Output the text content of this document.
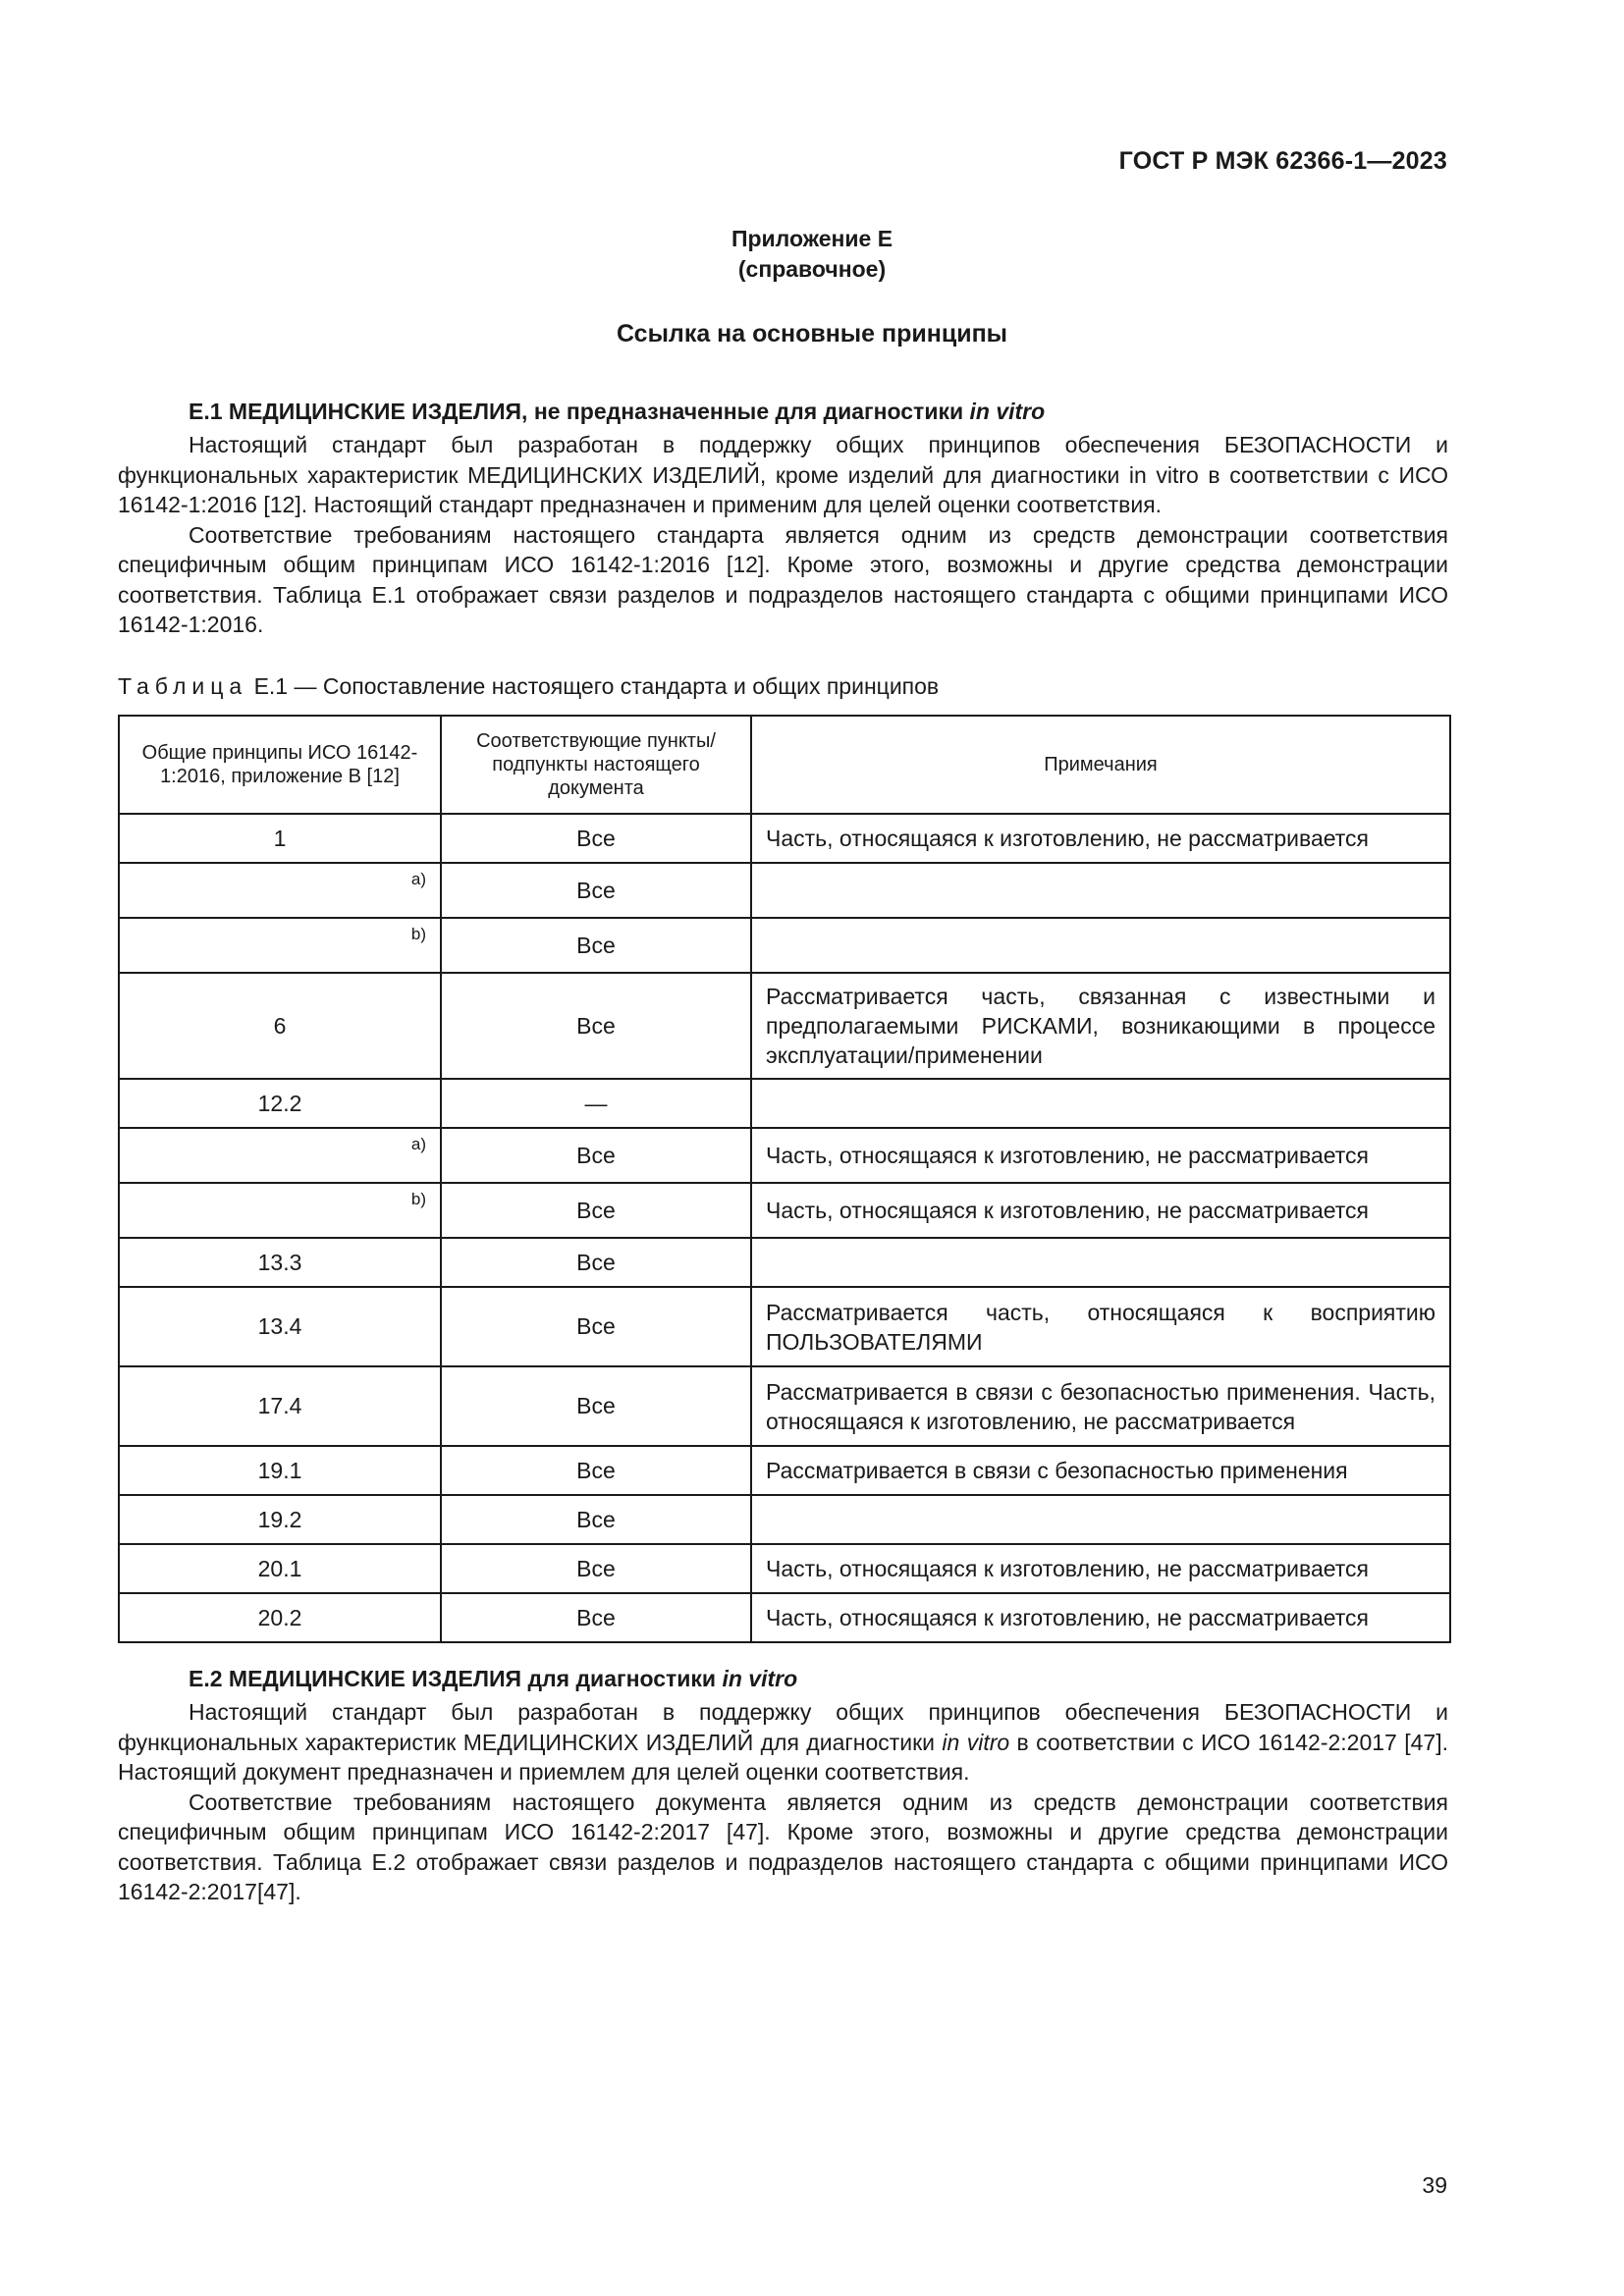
ГОСТ Р МЭК 62366-1—2023
Приложение Е
(справочное)
Ссылка на основные принципы
Е.1 МЕДИЦИНСКИЕ ИЗДЕЛИЯ, не предназначенные для диагностики in vitro

Настоящий стандарт был разработан в поддержку общих принципов обеспечения БЕЗОПАСНОСТИ и функциональных характеристик МЕДИЦИНСКИХ ИЗДЕЛИЙ, кроме изделий для диагностики in vitro в соответствии с ИСО 16142-1:2016 [12]. Настоящий стандарт предназначен и применим для целей оценки соответствия.

Соответствие требованиям настоящего стандарта является одним из средств демонстрации соответствия специфичным общим принципам ИСО 16142-1:2016 [12]. Кроме этого, возможны и другие средства демонстрации соответствия. Таблица Е.1 отображает связи разделов и подразделов настоящего стандарта с общими принципами ИСО 16142-1:2016.

Таблица Е.1 — Сопоставление настоящего стандарта и общих принципов
Общие принципы ИСО 16142-1:2016, приложение В [12]	Соответствующие пункты/ подпункты настоящего документа	Примечания
1	Все	Часть, относящаяся к изготовлению, не рассматривается
a)	Все	
b)	Все	
6	Все	Рассматривается часть, связанная с известными и предполагаемыми РИСКАМИ, возникающими в процессе эксплуатации/применении
12.2	—	
a)	Все	Часть, относящаяся к изготовлению, не рассматривается
b)	Все	Часть, относящаяся к изготовлению, не рассматривается
13.3	Все	
13.4	Все	Рассматривается часть, относящаяся к восприятию ПОЛЬЗОВАТЕЛЯМИ
17.4	Все	Рассматривается в связи с безопасностью применения. Часть, относящаяся к изготовлению, не рассматривается
19.1	Все	Рассматривается в связи с безопасностью применения
19.2	Все	
20.1	Все	Часть, относящаяся к изготовлению, не рассматривается
20.2	Все	Часть, относящаяся к изготовлению, не рассматривается
Е.2 МЕДИЦИНСКИЕ ИЗДЕЛИЯ для диагностики in vitro

Настоящий стандарт был разработан в поддержку общих принципов обеспечения БЕЗОПАСНОСТИ и функциональных характеристик МЕДИЦИНСКИХ ИЗДЕЛИЙ для диагностики in vitro в соответствии с ИСО 16142-2:2017 [47]. Настоящий документ предназначен и приемлем для целей оценки соответствия.

Соответствие требованиям настоящего документа является одним из средств демонстрации соответствия специфичным общим принципам ИСО 16142-2:2017 [47]. Кроме этого, возможны и другие средства демонстрации соответствия. Таблица Е.2 отображает связи разделов и подразделов настоящего стандарта с общими принципами ИСО 16142-2:2017[47].

39
